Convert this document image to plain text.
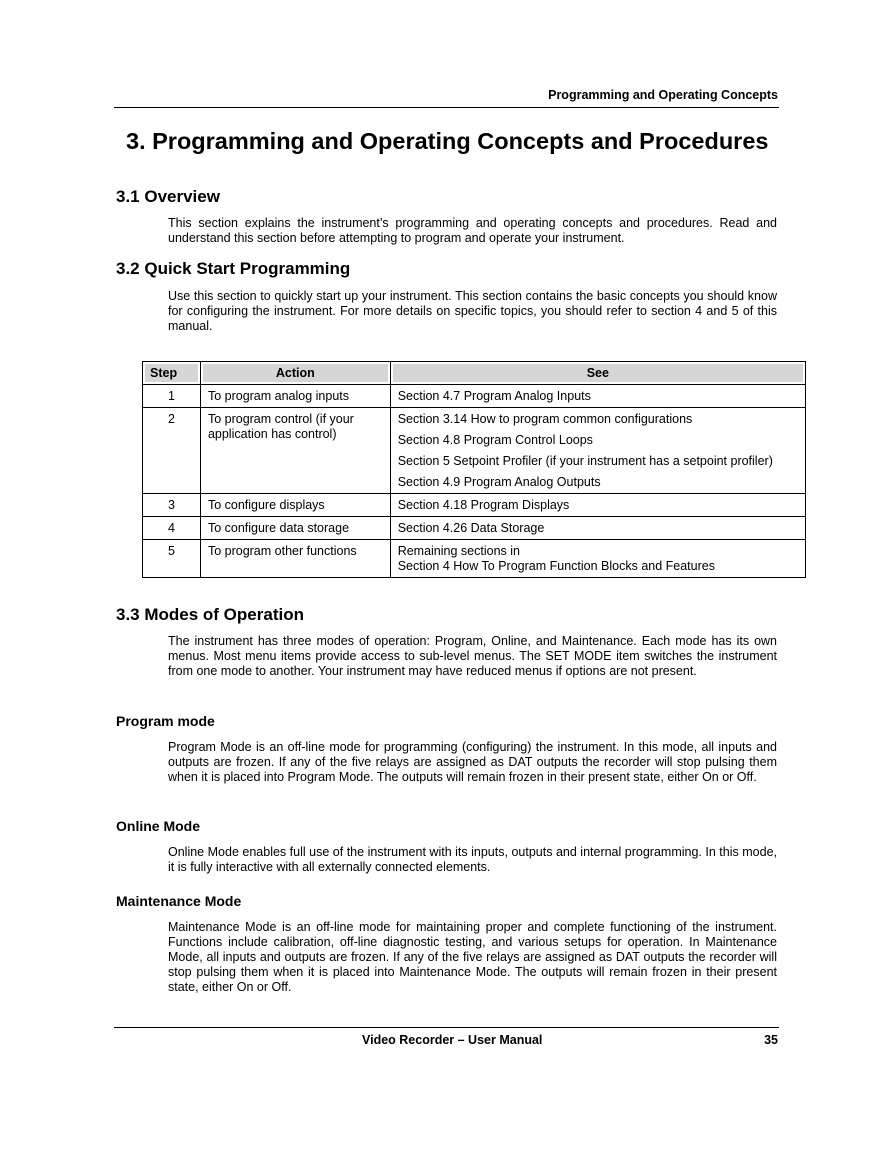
Programming and Operating Concepts
3. Programming and Operating Concepts and Procedures
3.1 Overview

This section explains the instrument’s programming and operating concepts and procedures. Read and understand this section before attempting to program and operate your instrument.

3.2 Quick Start Programming

Use this section to quickly start up your instrument. This section contains the basic concepts you should know for configuring the instrument. For more details on specific topics, you should refer to section 4 and 5 of this manual.

Step	Action	See

1	To program analog inputs	Section 4.7 Program Analog Inputs

2	To program control (if your application has control)	Section 3.14 How to program common configurations
Section 4.8 Program Control Loops
Section 5 Setpoint Profiler (if your instrument has a setpoint profiler)
Section 4.9 Program Analog Outputs

3	To configure displays	Section 4.18 Program Displays

4	To configure data storage	Section 4.26 Data Storage

5	To program other functions	Remaining sections in
Section 4 How To Program Function Blocks and Features
3.3 Modes of Operation

The instrument has three modes of operation: Program, Online, and Maintenance. Each mode has its own menus. Most menu items provide access to sub-level menus. The SET MODE item switches the instrument from one mode to another. Your instrument may have reduced menus if options are not present.

Program mode

Program Mode is an off-line mode for programming (configuring) the instrument. In this mode, all inputs and outputs are frozen. If any of the five relays are assigned as DAT outputs the recorder will stop pulsing them when it is placed into Program Mode. The outputs will remain frozen in their present state, either On or Off.

Online Mode

Online Mode enables full use of the instrument with its inputs, outputs and internal programming. In this mode, it is fully interactive with all externally connected elements.

Maintenance Mode

Maintenance Mode is an off-line mode for maintaining proper and complete functioning of the instrument. Functions include calibration, off-line diagnostic testing, and various setups for operation. In Maintenance Mode, all inputs and outputs are frozen. If any of the five relays are assigned as DAT outputs the recorder will stop pulsing them when it is placed into Maintenance Mode. The outputs will remain frozen in their present state, either On or Off.

Video Recorder – User Manual	35
